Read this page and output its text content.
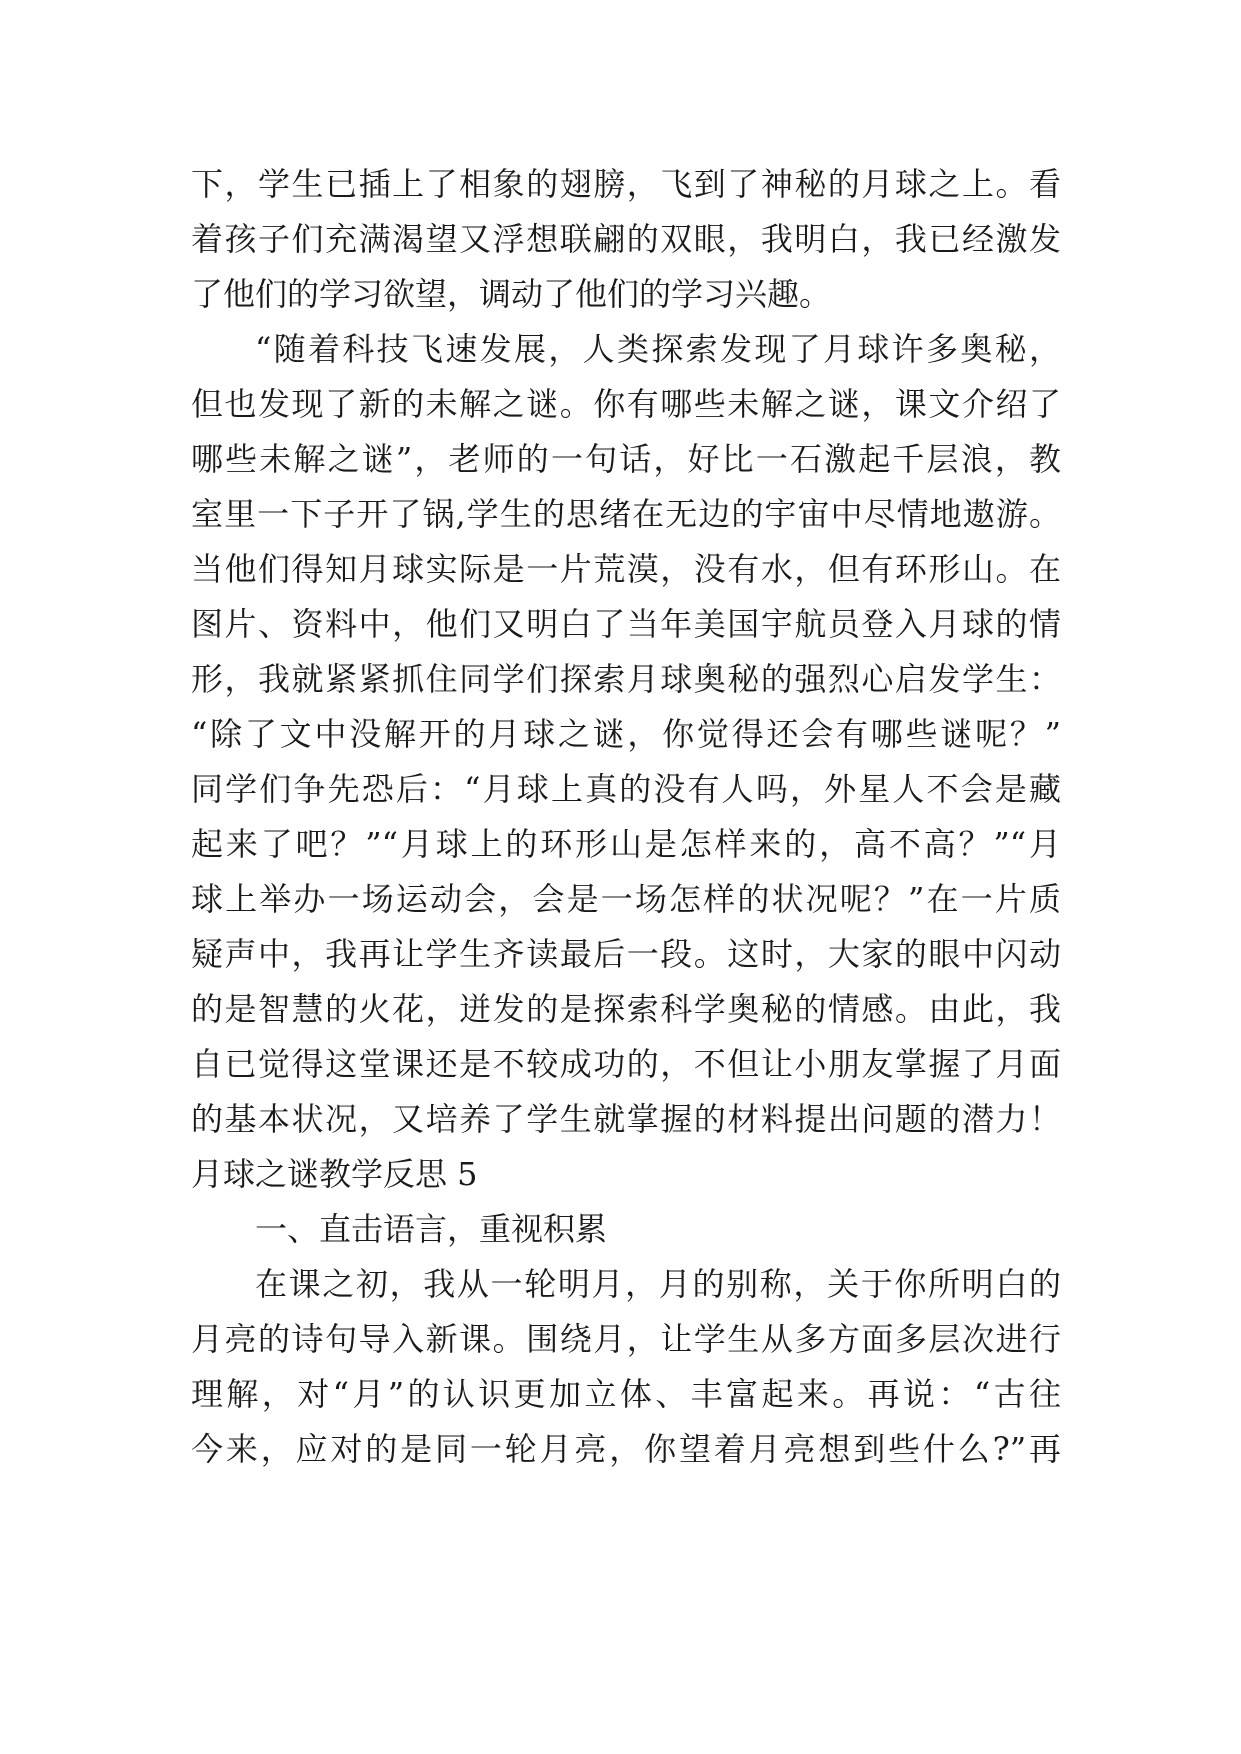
下，学生已插上了相象的翅膀，飞到了神秘的月球之上。看
着孩子们充满渴望又浮想联翩的双眼，我明白，我已经激发
了他们的学习欲望，调动了他们的学习兴趣。
“随着科技飞速发展，人类探索发现了月球许多奥秘，
但也发现了新的未解之谜。你有哪些未解之谜，课文介绍了
哪些未解之谜”，老师的一句话，好比一石激起千层浪，教
室里一下子开了锅,学生的思绪在无边的宇宙中尽情地遨游。
当他们得知月球实际是一片荒漠，没有水，但有环形山。在
图片、资料中，他们又明白了当年美国宇航员登入月球的情
形，我就紧紧抓住同学们探索月球奥秘的强烈心启发学生：
“除了文中没解开的月球之谜，你觉得还会有哪些谜呢？”
同学们争先恐后：“月球上真的没有人吗，外星人不会是藏
起来了吧？”“月球上的环形山是怎样来的，高不高？”“月
球上举办一场运动会，会是一场怎样的状况呢？”在一片质
疑声中，我再让学生齐读最后一段。这时，大家的眼中闪动
的是智慧的火花，迸发的是探索科学奥秘的情感。由此，我
自已觉得这堂课还是不较成功的，不但让小朋友掌握了月面
的基本状况，又培养了学生就掌握的材料提出问题的潜力！
月球之谜教学反思 5
一、直击语言，重视积累
在课之初，我从一轮明月，月的别称，关于你所明白的
月亮的诗句导入新课。围绕月，让学生从多方面多层次进行
理解，对“月”的认识更加立体、丰富起来。再说：“古往
今来，应对的是同一轮月亮，你望着月亮想到些什么?”再
